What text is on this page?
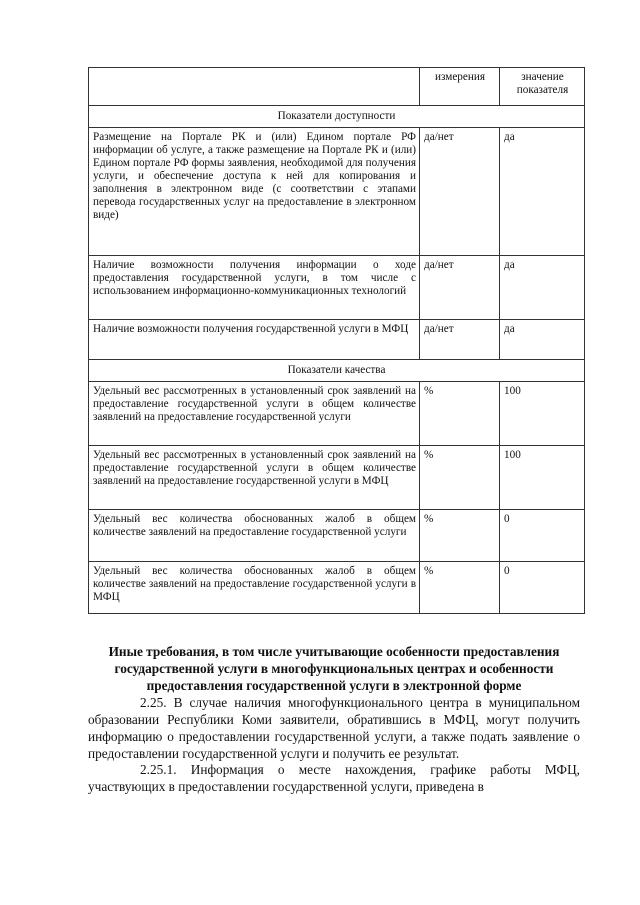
	измерения	значение показателя
Показатели доступности		
Размещение на Портале РК и (или) Едином портале РФ информации об услуге, а также размещение на Портале РК и (или) Едином портале РФ формы заявления, необходимой для получения услуги, и обеспечение доступа к ней для копирования и заполнения в электронном виде (с соответствии с этапами перевода государственных услуг на предоставление в электронном виде)	да/нет	да
Наличие возможности получения информации о ходе предоставления государственной услуги, в том числе с использованием информационно-коммуникационных технологий	да/нет	да
Наличие возможности получения государственной услуги в МФЦ	да/нет	да
Показатели качества		
Удельный вес рассмотренных в установленный срок заявлений на предоставление государственной услуги в общем количестве заявлений на предоставление государственной услуги	%	100
Удельный вес рассмотренных в установленный срок заявлений на предоставление государственной услуги в общем количестве заявлений на предоставление государственной услуги в МФЦ	%	100
Удельный вес количества обоснованных жалоб в общем количестве заявлений на предоставление государственной услуги	%	0
Удельный вес количества обоснованных жалоб в общем количестве заявлений на предоставление государственной услуги в МФЦ	%	0
Иные требования, в том числе учитывающие особенности предоставления государственной услуги в многофункциональных центрах и особенности предоставления государственной услуги в электронной форме
2.25. В случае наличия многофункционального центра в муниципальном образовании Республики Коми заявители, обратившись в МФЦ, могут получить информацию о предоставлении государственной услуги, а также подать заявление о предоставлении государственной услуги и получить ее результат.
2.25.1. Информация о месте нахождения, графике работы МФЦ, участвующих в предоставлении государственной услуги, приведена в
